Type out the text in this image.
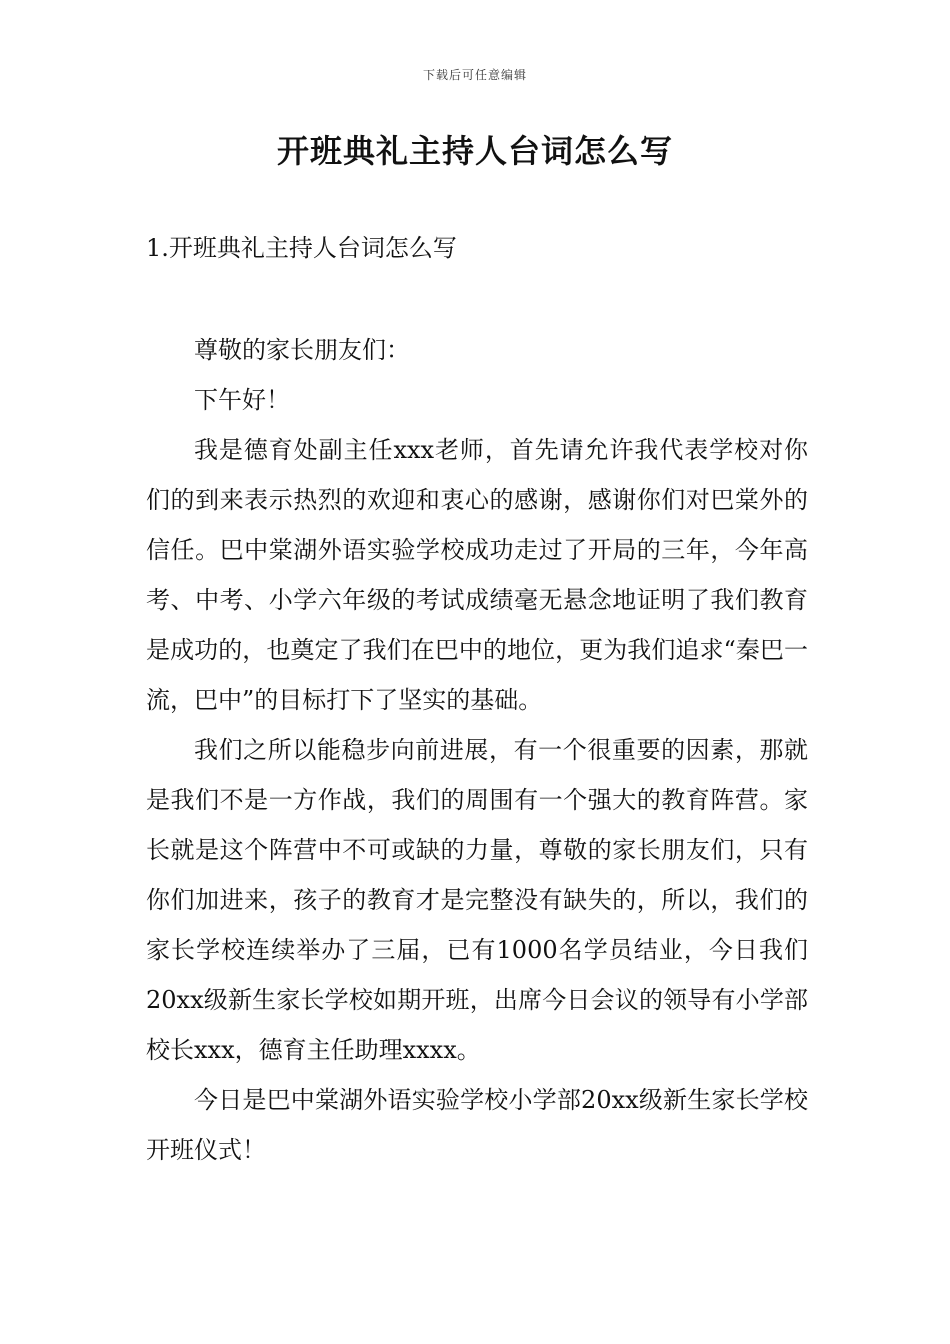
下载后可任意编辑
开班典礼主持人台词怎么写
1.开班典礼主持人台词怎么写

尊敬的家长朋友们：

下午好！

我是德育处副主任xxx老师，首先请允许我代表学校对你们的到来表示热烈的欢迎和衷心的感谢，感谢你们对巴棠外的信任。巴中棠湖外语实验学校成功走过了开局的三年，今年高考、中考、小学六年级的考试成绩毫无悬念地证明了我们教育是成功的，也奠定了我们在巴中的地位，更为我们追求“秦巴一流，巴中”的目标打下了坚实的基础。

我们之所以能稳步向前进展，有一个很重要的因素，那就是我们不是一方作战，我们的周围有一个强大的教育阵营。家长就是这个阵营中不可或缺的力量，尊敬的家长朋友们，只有你们加进来，孩子的教育才是完整没有缺失的，所以，我们的家长学校连续举办了三届，已有1000名学员结业，今日我们20xx级新生家长学校如期开班，出席今日会议的领导有小学部校长xxx，德育主任助理xxxx。

今日是巴中棠湖外语实验学校小学部20xx级新生家长学校开班仪式！
